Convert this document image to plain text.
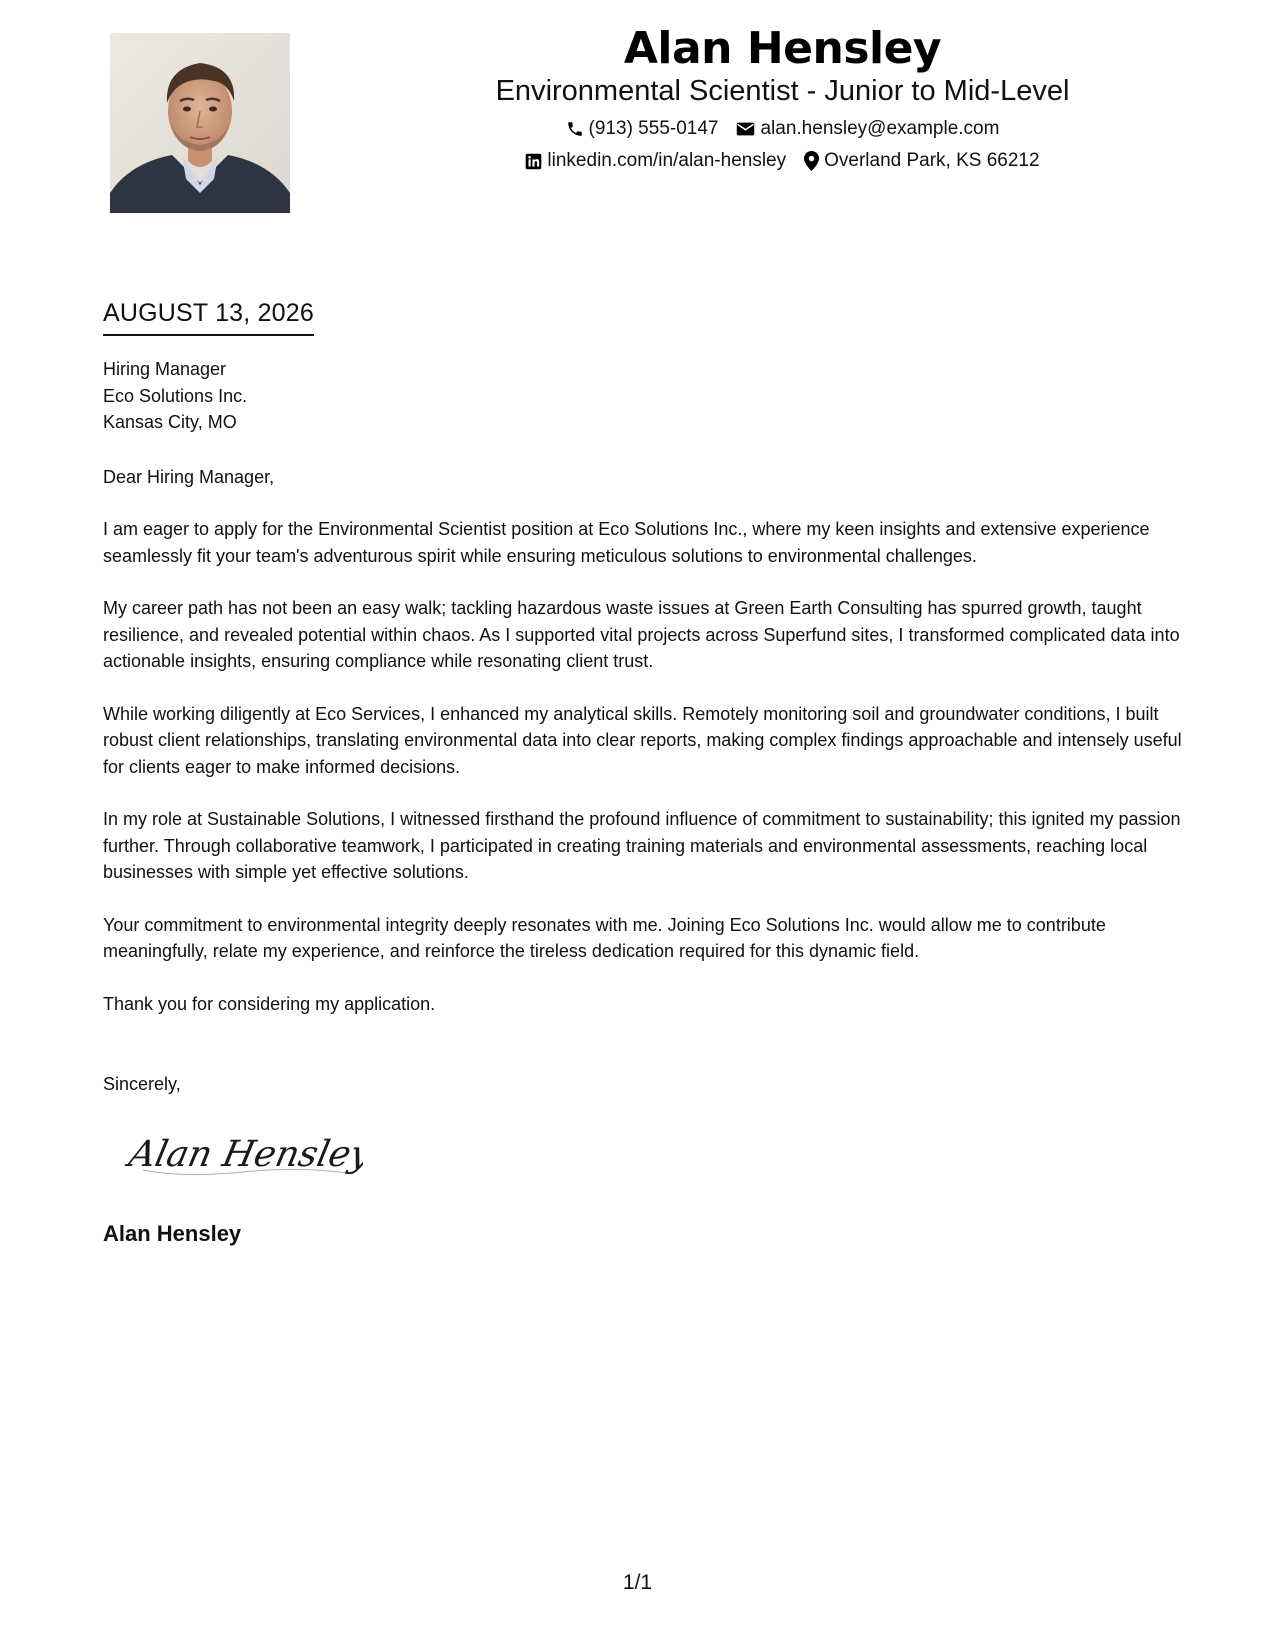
Alan Hensley
Environmental Scientist - Junior to Mid-Level
(913) 555-0147 alan.hensley@example.com
linkedin.com/in/alan-hensley Overland Park, KS 66212
AUGUST 13, 2026
Hiring Manager
Eco Solutions Inc.
Kansas City, MO
Dear Hiring Manager,
I am eager to apply for the Environmental Scientist position at Eco Solutions Inc., where my keen insights and extensive experience seamlessly fit your team's adventurous spirit while ensuring meticulous solutions to environmental challenges.
My career path has not been an easy walk; tackling hazardous waste issues at Green Earth Consulting has spurred growth, taught resilience, and revealed potential within chaos. As I supported vital projects across Superfund sites, I transformed complicated data into actionable insights, ensuring compliance while resonating client trust.
While working diligently at Eco Services, I enhanced my analytical skills. Remotely monitoring soil and groundwater conditions, I built robust client relationships, translating environmental data into clear reports, making complex findings approachable and intensely useful for clients eager to make informed decisions.
In my role at Sustainable Solutions, I witnessed firsthand the profound influence of commitment to sustainability; this ignited my passion further. Through collaborative teamwork, I participated in creating training materials and environmental assessments, reaching local businesses with simple yet effective solutions.
Your commitment to environmental integrity deeply resonates with me. Joining Eco Solutions Inc. would allow me to contribute meaningfully, relate my experience, and reinforce the tireless dedication required for this dynamic field.
Thank you for considering my application.
Sincerely,
Alan Hensley
Alan Hensley
1/1
